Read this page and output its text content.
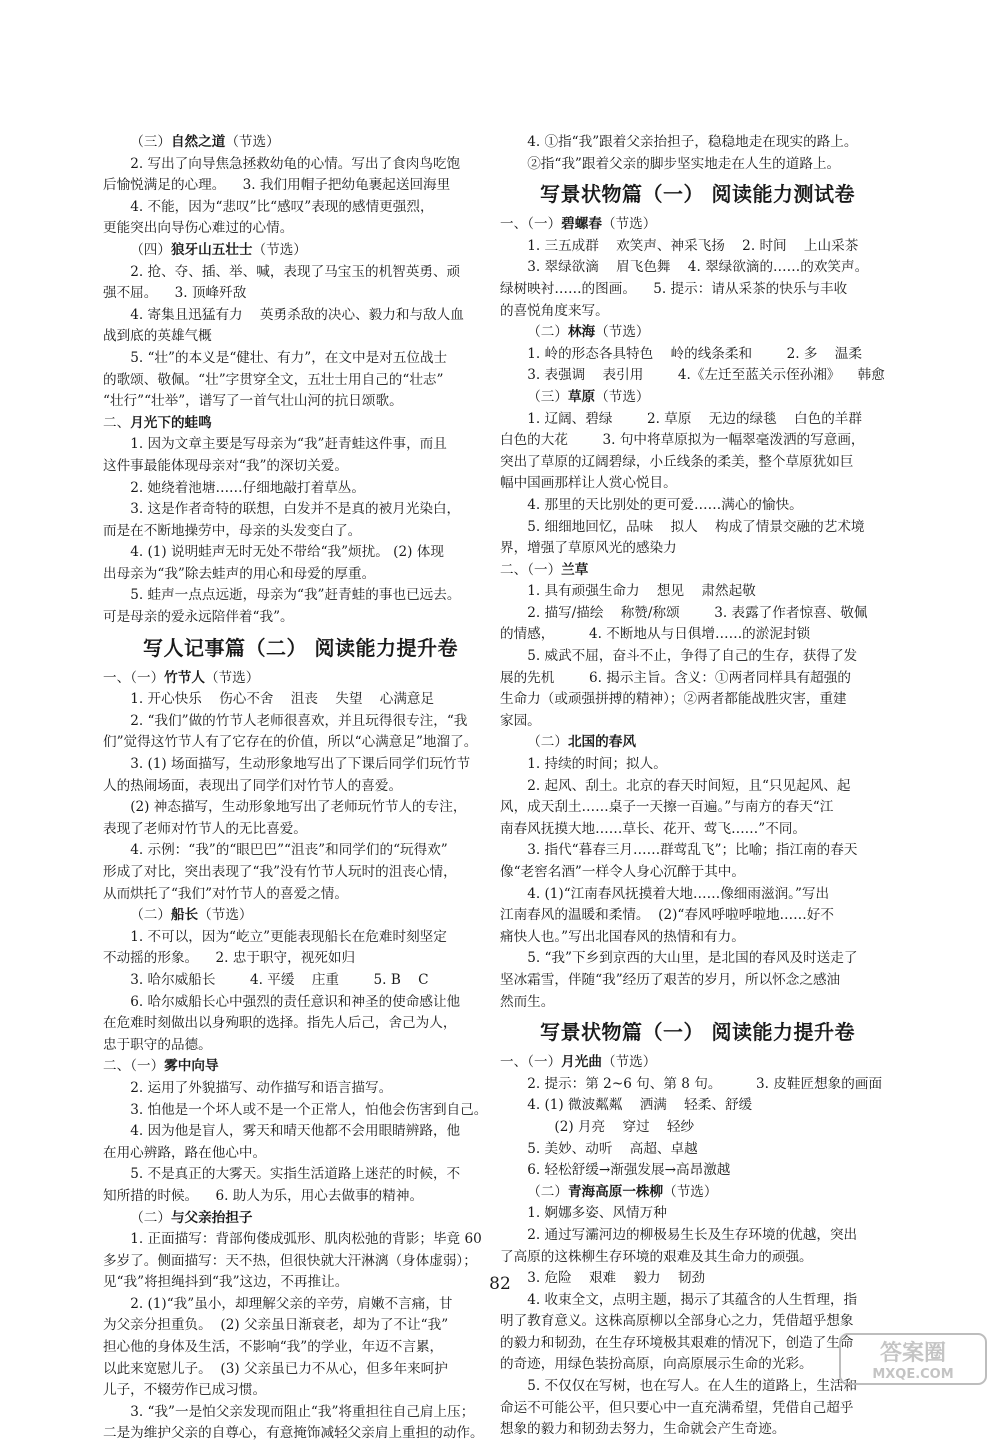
（三） 自然之道 （节选）
2. 写出了向导焦急拯救幼龟的心情。写出了食肉鸟吃饱
后愉悦满足的心理。    3. 我们用帽子把幼龟裹起送回海里
4. 不能，因为“悲叹”比“感叹”表现的感情更强烈，
更能突出向导伤心难过的心情。
（四） 狼牙山五壮士 （节选）
2. 抢、夺、插、举、喊，表现了马宝玉的机智英勇、顽
强不屈。    3. 顶峰歼敌
4. 寄集且迅猛有力    英勇杀敌的决心、毅力和与敌人血
战到底的英雄气概
5. “壮”的本义是“健壮、有力”，在文中是对五位战士
的歌颂、敬佩。“壮”字贯穿全文，五壮士用自己的“壮志”
“壮行”“壮举”，谱写了一首气壮山河的抗日颂歌。
二、 月光下的蛙鸣
1. 因为文章主要是写母亲为“我”赶青蛙这件事，而且
这件事最能体现母亲对“我”的深切关爱。
2. 她绕着池塘……仔细地敲打着草丛。
3. 这是作者奇特的联想，白发并不是真的被月光染白，
而是在不断地操劳中，母亲的头发变白了。
4. (1) 说明蛙声无时无处不带给“我”烦扰。 (2) 体现
出母亲为“我”除去蛙声的用心和母爱的厚重。
5. 蛙声一点点远逝，母亲为“我”赶青蛙的事也已远去。
可是母亲的爱永远陪伴着“我”。
写人记事篇（二） 阅读能力提升卷
一、（一） 竹节人 （节选）
1. 开心快乐    伤心不舍    沮丧    失望    心满意足
2. “我们”做的竹节人老师很喜欢，并且玩得很专注，“我
们”觉得这竹节人有了它存在的价值，所以“心满意足”地溜了。
3. (1) 场面描写，生动形象地写出了下课后同学们玩竹节
人的热闹场面，表现出了同学们对竹节人的喜爱。
(2) 神态描写，生动形象地写出了老师玩竹节人的专注，
表现了老师对竹节人的无比喜爱。
4. 示例：“我”的“眼巴巴”“沮丧”和同学们的“玩得欢”
形成了对比，突出表现了“我”没有竹节人玩时的沮丧心情，
从而烘托了“我们”对竹节人的喜爱之情。
（二） 船长 （节选）
1. 不可以，因为“屹立”更能表现船长在危难时刻坚定
不动摇的形象。    2. 忠于职守，视死如归
3. 哈尔威船长        4. 平缓    庄重        5. B    C
6. 哈尔威船长心中强烈的责任意识和神圣的使命感让他
在危难时刻做出以身殉职的选择。指先人后己，舍己为人，
忠于职守的品德。
二、（一） 雾中向导
2. 运用了外貌描写、动作描写和语言描写。
3. 怕他是一个坏人或不是一个正常人，怕他会伤害到自己。
4. 因为他是盲人，雾天和晴天他都不会用眼睛辨路，他
在用心辨路，路在他心中。
5. 不是真正的大雾天。实指生活道路上迷茫的时候，不
知所措的时候。    6. 助人为乐，用心去做事的精神。
（二） 与父亲抬担子
1. 正面描写：背部佝偻成弧形、肌肉松弛的背影；毕竟 60
多岁了。侧面描写：天不热，但很快就大汗淋漓（身体虚弱）；
见“我”将担绳抖到“我”这边，不再推让。
2. (1)“我”虽小，却理解父亲的辛劳，肩嫩不言痛，甘
为父亲分担重负。  (2) 父亲虽日渐衰老，却为了不让“我”
担心他的身体及生活，不影响“我”的学业，年迈不言累，
以此来宽慰儿子。  (3) 父亲虽已力不从心，但多年来呵护
儿子，不辍劳作已成习惯。
3. “我”一是怕父亲发现而阻止“我”将重担往自己肩上压；
二是为维护父亲的自尊心，有意掩饰减轻父亲肩上重担的动作。
4. ①指“我”跟着父亲抬担子，稳稳地走在现实的路上。
②指“我”跟着父亲的脚步坚实地走在人生的道路上。
写景状物篇（一） 阅读能力测试卷
一、（一） 碧螺春 （节选）
1. 三五成群    欢笑声、神采飞扬    2. 时间    上山采茶
3. 翠绿欲滴    眉飞色舞    4. 翠绿欲滴的……的欢笑声。
绿树映衬……的图画。    5. 提示：请从采茶的快乐与丰收
的喜悦角度来写。
（二） 林海 （节选）
1. 岭的形态各具特色    岭的线条柔和        2. 多    温柔
3. 表强调    表引用        4.《左迁至蓝关示侄孙湘》    韩愈
（三） 草原 （节选）
1. 辽阔、碧绿        2. 草原    无边的绿毯    白色的羊群
白色的大花        3. 句中将草原拟为一幅翠毫泼洒的写意画，
突出了草原的辽阔碧绿，小丘线条的柔美，整个草原犹如巨
幅中国画那样让人赏心悦目。
4. 那里的天比别处的更可爱……满心的愉快。
5. 细细地回忆，品味    拟人    构成了情景交融的艺术境
界，增强了草原风光的感染力
二、（一） 兰草
1. 具有顽强生命力    想见    肃然起敬
2. 描写/描绘    称赞/称颂        3. 表露了作者惊喜、敬佩
的情感，        4. 不断地从与日俱增……的淤泥封锁
5. 威武不屈，奋斗不止，争得了自己的生存，获得了发
展的先机        6. 揭示主旨。含义：①两者同样具有超强的
生命力（或顽强拼搏的精神）；②两者都能战胜灾害，重建
家园。
（二） 北国的春风
1. 持续的时间；拟人。
2. 起风、刮土。北京的春天时间短，且“只见起风、起
风，成天刮土……桌子一天擦一百遍。”与南方的春天“江
南春风抚摸大地……草长、花开、莺飞……”不同。
3. 指代“暮春三月……群莺乱飞”；比喻；指江南的春天
像“老窖名酒”一样令人身心沉醉于其中。
4. (1)“江南春风抚摸着大地……像细雨滋润。”写出
江南春风的温暖和柔情。  (2)“春风呼啦呼啦地……好不
痛快人也。”写出北国春风的热情和有力。
5. “我”下乡到京西的大山里，是北国的春风及时送走了
坚冰霜雪，伴随“我”经历了艰苦的岁月，所以怀念之感油
然而生。
写景状物篇（一） 阅读能力提升卷
一、（一） 月光曲 （节选）
2. 提示：第 2~6 句、第 8 句。        3. 皮鞋匠想象的画面
4. (1) 微波粼粼    洒满    轻柔、舒缓
(2) 月亮    穿过    轻纱
5. 美妙、动听    高超、卓越
6. 轻松舒缓→渐强发展→高昂激越
（二） 青海高原一株柳 （节选）
1. 婀娜多姿、风情万种
2. 通过写灞河边的柳极易生长及生存环境的优越，突出
了高原的这株柳生存环境的艰难及其生命力的顽强。
3. 危险    艰难    毅力    韧劲
4. 收束全文，点明主题，揭示了其蕴含的人生哲理，指
明了教育意义。这株高原柳以全部身心之力，凭借超乎想象
的毅力和韧劲，在生存环境极其艰难的情况下，创造了生命
的奇迹，用绿色装扮高原，向高原展示生命的光彩。
5. 不仅仅在写树，也在写人。在人生的道路上，生活和
命运不可能公平，但只要心中一直充满希望，凭借自己超乎
想象的毅力和韧劲去努力，生命就会产生奇迹。
82
答案圈
MXQE.COM
